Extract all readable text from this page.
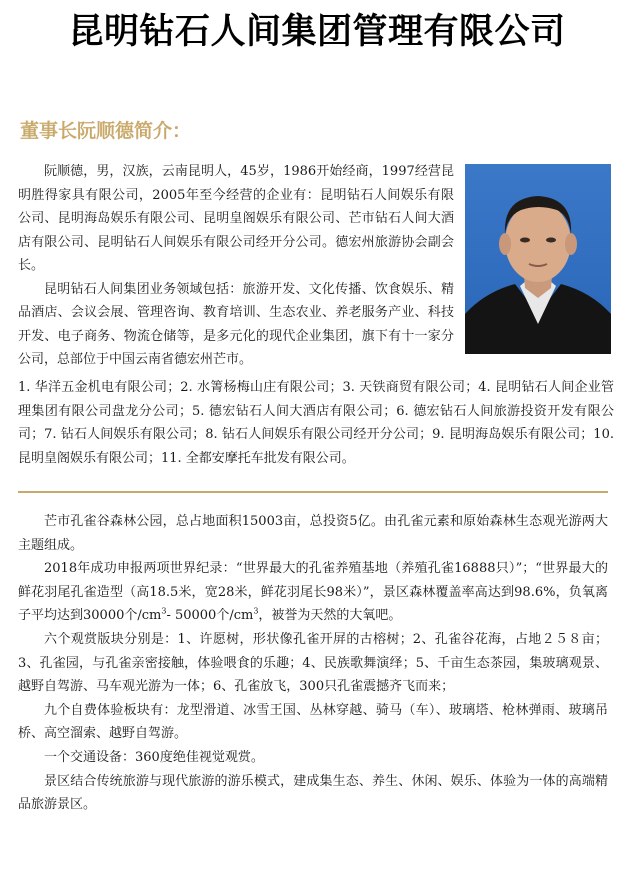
昆明钻石人间集团管理有限公司
董事长阮顺德简介：

阮顺德，男，汉族，云南昆明人，45岁，1986开始经商，1997经营昆明胜得家具有限公司，2005年至今经营的企业有：昆明钻石人间娱乐有限公司、昆明海岛娱乐有限公司、昆明皇阁娱乐有限公司、芒市钻石人间大酒店有限公司、昆明钻石人间娱乐有限公司经开分公司。德宏州旅游协会副会长。

昆明钻石人间集团业务领域包括：旅游开发、文化传播、饮食娱乐、精品酒店、会议会展、管理咨询、教育培训、生态农业、养老服务产业、科技开发、电子商务、物流仓储等，是多元化的现代企业集团，旗下有十一家分公司，总部位于中国云南省德宏州芒市。

1. 华洋五金机电有限公司；2. 水箐杨梅山庄有限公司；3. 天铁商贸有限公司；4. 昆明钻石人间企业管理集团有限公司盘龙分公司；5. 德宏钻石人间大酒店有限公司；6. 德宏钻石人间旅游投资开发有限公司；7. 钻石人间娱乐有限公司；8. 钻石人间娱乐有限公司经开分公司；9. 昆明海岛娱乐有限公司；10. 昆明皇阁娱乐有限公司；11. 全都安摩托车批发有限公司。

芒市孔雀谷森林公园，总占地面积15003亩，总投资5亿。由孔雀元素和原始森林生态观光游两大主题组成。

2018年成功申报两项世界纪录：“世界最大的孔雀养殖基地（养殖孔雀16888只）”；“世界最大的鲜花羽尾孔雀造型（高18.5米，宽28米，鲜花羽尾长98米）”，景区森林覆盖率高达到98.6%，负氧离子平均达到30000个$/cm^3-$ 50000个$/cm^3$，被誉为天然的大氧吧。

六个观赏版块分别是：1、许愿树，形状像孔雀开屏的古榕树；2、孔雀谷花海，占地２５８亩；3、孔雀园，与孔雀亲密接触，体验喂食的乐趣；4、民族歌舞演绎；5、千亩生态茶园，集玻璃观景、越野自驾游、马车观光游为一体；6、孔雀放飞，300只孔雀震撼齐飞而来；

九个自费体验板块有：龙型滑道、冰雪王国、丛林穿越、骑马（车）、玻璃塔、枪林弹雨、玻璃吊桥、高空溜索、越野自驾游。

一个交通设备：360度绝佳视觉观赏。

景区结合传统旅游与现代旅游的游乐模式，建成集生态、养生、休闲、娱乐、体验为一体的高端精品旅游景区。
